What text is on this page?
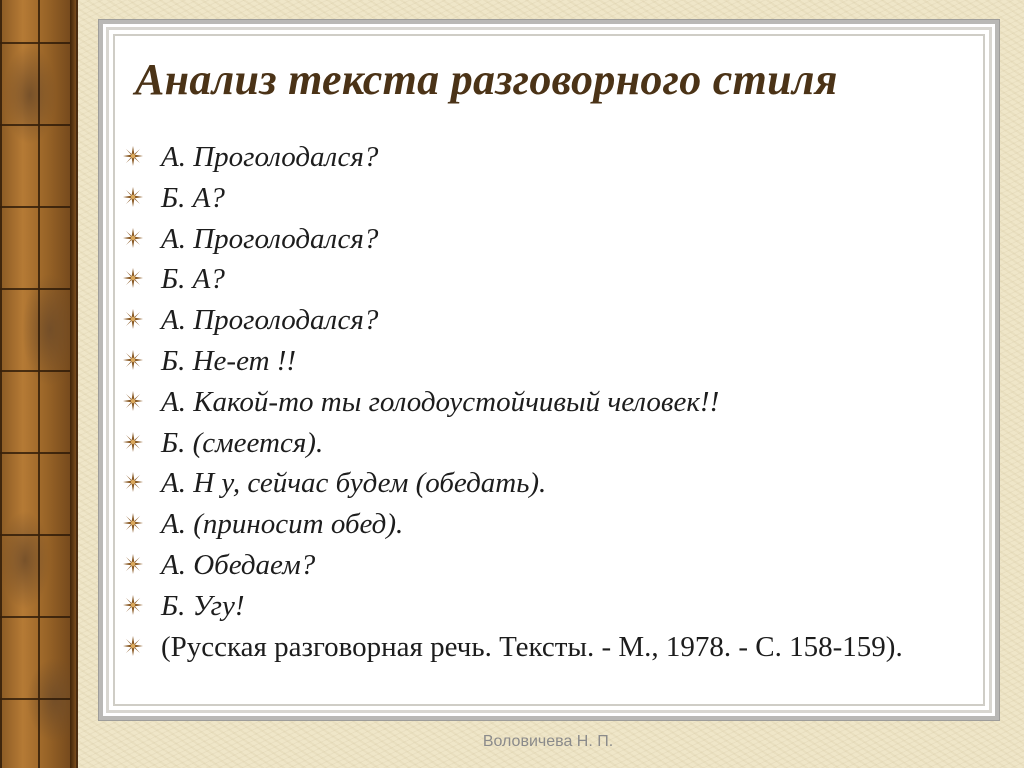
Анализ текста разговорного стиля
А. Проголодался?
Б. А?
А. Проголодался?
Б. А?
А. Проголодался?
Б. Не-ет !!
А. Какой-то ты голодоустойчивый человек!!
Б. (смеется).
А. Н у, сейчас будем (обедать).
А. (приносит обед).
А. Обедаем?
Б. Угу!
(Русская разговорная речь. Тексты. - М., 1978. - С. 158-159).
Воловичева Н. П.
